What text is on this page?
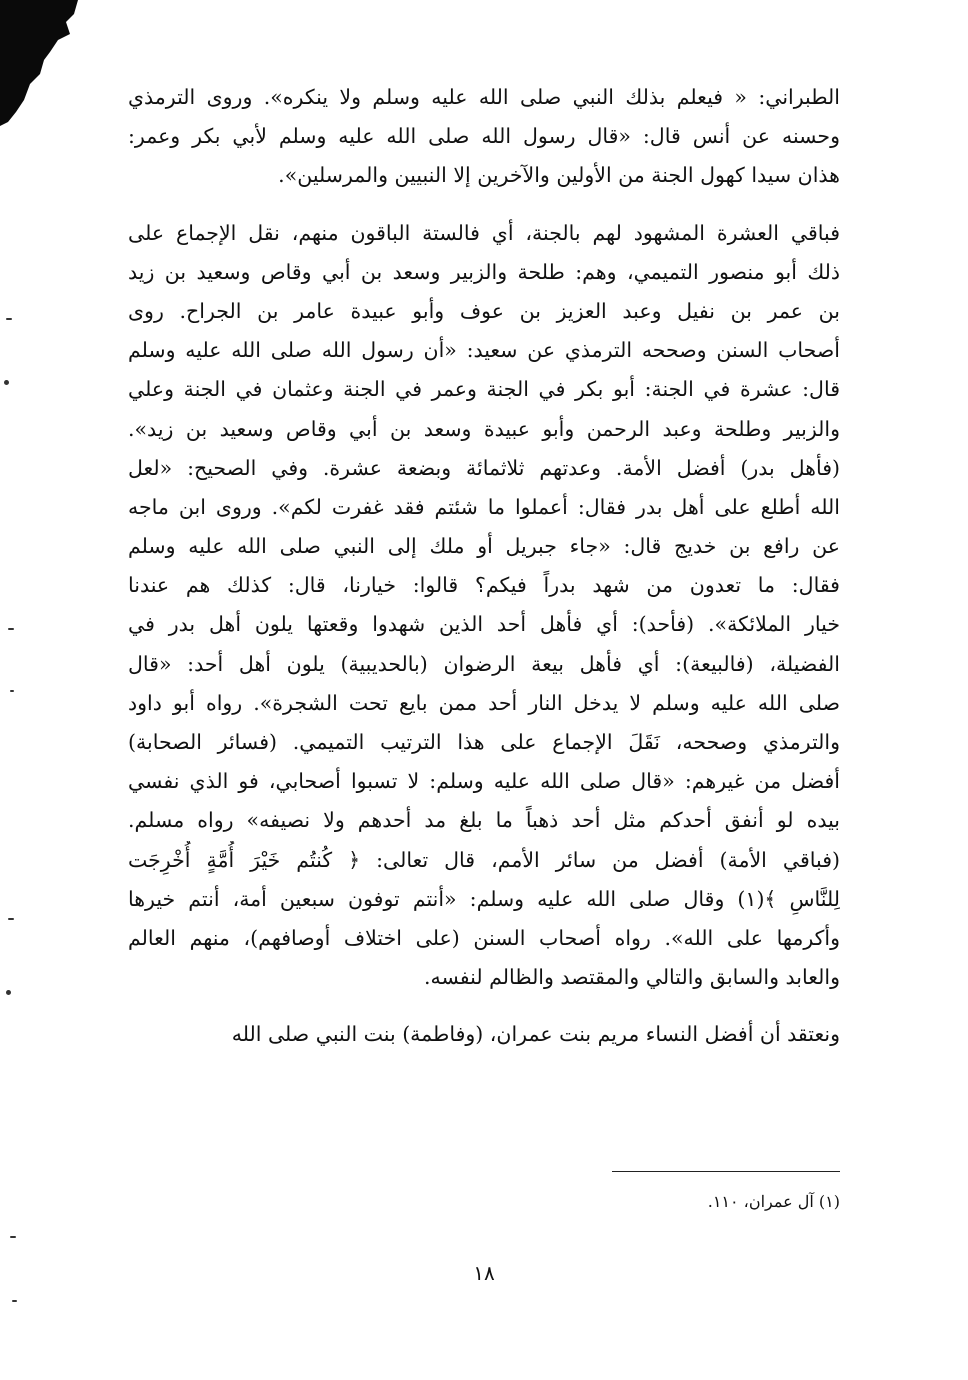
الطبراني: « فيعلم بذلك النبي صلى الله عليه وسلم ولا ينكره». وروى الترمذي
وحسنه عن أنس قال: «قال رسول الله صلى الله عليه وسلم لأبي بكر وعمر:
هذان سيدا كهول الجنة من الأولين والآخرين إلا النبيين والمرسلين».
فباقي العشرة المشهود لهم بالجنة، أي فالستة الباقون منهم، نقل الإجماع على
ذلك أبو منصور التميمي، وهم: طلحة والزبير وسعد بن أبي وقاص وسعيد بن زيد
بن عمر بن نفيل وعبد العزيز بن عوف وأبو عبيدة عامر بن الجراح. روى
أصحاب السنن وصححه الترمذي عن سعيد: «أن رسول الله صلى الله عليه وسلم
قال: عشرة في الجنة: أبو بكر في الجنة وعمر في الجنة وعثمان في الجنة وعلي
والزبير وطلحة وعبد الرحمن وأبو عبيدة وسعد بن أبي وقاص وسعيد بن زيد».
(فأهل بدر) أفضل الأمة. وعدتهم ثلاثمائة وبضعة عشرة. وفي الصحيح: «لعل
الله أطلع على أهل بدر فقال: أعملوا ما شئتم فقد غفرت لكم». وروى ابن ماجه
عن رافع بن خديج قال: «جاء جبريل أو ملك إلى النبي صلى الله عليه وسلم
فقال: ما تعدون من شهد بدراً فيكم؟ قالوا: خيارنا، قال: كذلك هم عندنا
خيار الملائكة». (فأحد): أي فأهل أحد الذين شهدوا وقعتها يلون أهل بدر في
الفضيلة، (فالبيعة): أي فأهل بيعة الرضوان (بالحديبية) يلون أهل أحد: «قال
صلى الله عليه وسلم لا يدخل النار أحد ممن بايع تحت الشجرة». رواه أبو داود
والترمذي وصححه، نَقَلَ الإجماع على هذا الترتيب التميمي. (فسائر الصحابة)
أفضل من غيرهم: «قال صلى الله عليه وسلم: لا تسبوا أصحابي، فو الذي نفسي
بيده لو أنفق أحدكم مثل أحد ذهباً ما بلغ مد أحدهم ولا نصيفه» رواه مسلم.
(فباقي الأمة) أفضل من سائر الأمم، قال تعالى: ﴿ كُنتُم خَيْرَ أُمَّةٍ أُخْرِجَت
لِلنَّاسِ ﴾(١) وقال صلى الله عليه وسلم: «أنتم توفون سبعين أمة، أنتم خيرها
وأكرمها على الله». رواه أصحاب السنن (على اختلاف أوصافهم)، منهم العالم
والعابد والسابق والتالي والمقتصد والظالم لنفسه.
ونعتقد أن أفضل النساء مريم بنت عمران، (وفاطمة) بنت النبي صلى الله
(١) آل عمران، ١١٠.
١٨
